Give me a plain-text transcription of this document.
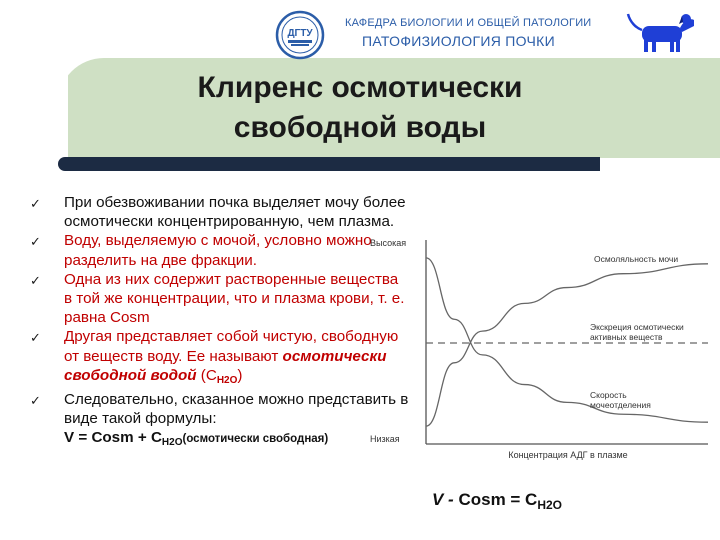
ДГТУ
КАФЕДРА БИОЛОГИИ И ОБЩЕЙ ПАТОЛОГИИ
ПАТОФИЗИОЛОГИЯ ПОЧКИ
Клиренс осмотически
свободной воды
✓ При обезвоживании почка выделяет мочу более осмотически концентрированную, чем плазма.
✓ Воду, выделяемую с мочой, условно можно разделить на две фракции.
✓ Одна из них содержит растворенные вещества в той же концентрации, что и плазма крови, т. е. равна Cosm
✓ Другая представляет собой чистую, свободную от веществ воду. Ее называют осмотически свободной водой (СH2O)
✓ Следовательно, сказанное можно представить в виде такой формулы:
V = Cosm + CH2O(осмотически свободная)
Высокая
Низкая
Концентрация АДГ в плазме
Осмоляльность мочи
Экскреция осмотически активных веществ
Скорость мочеотделения
V - Cosm = $C_{H2O}$
